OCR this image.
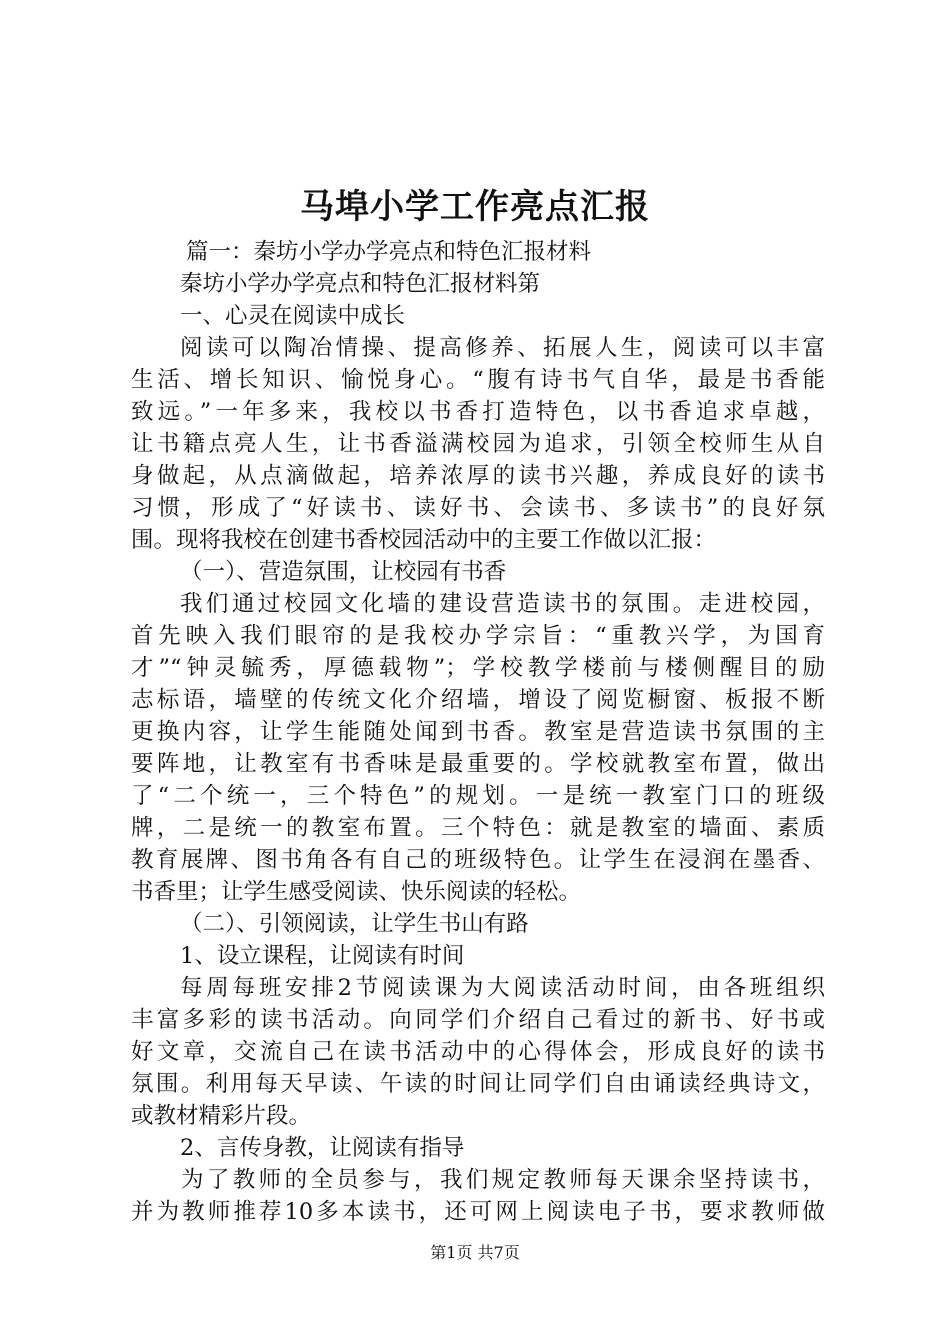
马埠小学工作亮点汇报
篇一：秦坊小学办学亮点和特色汇报材料
秦坊小学办学亮点和特色汇报材料第
一、心灵在阅读中成长
阅读可以陶冶情操、提高修养、拓展人生，阅读可以丰富
生活、增长知识、愉悦身心。“腹有诗书气自华，最是书香能
致远。”一年多来，我校以书香打造特色，以书香追求卓越，
让书籍点亮人生，让书香溢满校园为追求，引领全校师生从自
身做起，从点滴做起，培养浓厚的读书兴趣，养成良好的读书
习惯，形成了“好读书、读好书、会读书、多读书”的良好氛
围。现将我校在创建书香校园活动中的主要工作做以汇报：
（一）、营造氛围，让校园有书香
我们通过校园文化墙的建设营造读书的氛围。走进校园，
首先映入我们眼帘的是我校办学宗旨：“重教兴学，为国育
才”“钟灵毓秀，厚德载物”；学校教学楼前与楼侧醒目的励
志标语，墙壁的传统文化介绍墙，增设了阅览橱窗、板报不断
更换内容，让学生能随处闻到书香。教室是营造读书氛围的主
要阵地，让教室有书香味是最重要的。学校就教室布置，做出
了“二个统一，三个特色”的规划。一是统一教室门口的班级
牌，二是统一的教室布置。三个特色：就是教室的墙面、素质
教育展牌、图书角各有自己的班级特色。让学生在浸润在墨香、
书香里；让学生感受阅读、快乐阅读的轻松。
（二）、引领阅读，让学生书山有路
1、设立课程，让阅读有时间
每周每班安排2节阅读课为大阅读活动时间，由各班组织
丰富多彩的读书活动。向同学们介绍自己看过的新书、好书或
好文章，交流自己在读书活动中的心得体会，形成良好的读书
氛围。利用每天早读、午读的时间让同学们自由诵读经典诗文，
或教材精彩片段。
2、言传身教，让阅读有指导
为了教师的全员参与，我们规定教师每天课余坚持读书，
并为教师推荐10多本读书，还可网上阅读电子书，要求教师做
第1页 共7页
